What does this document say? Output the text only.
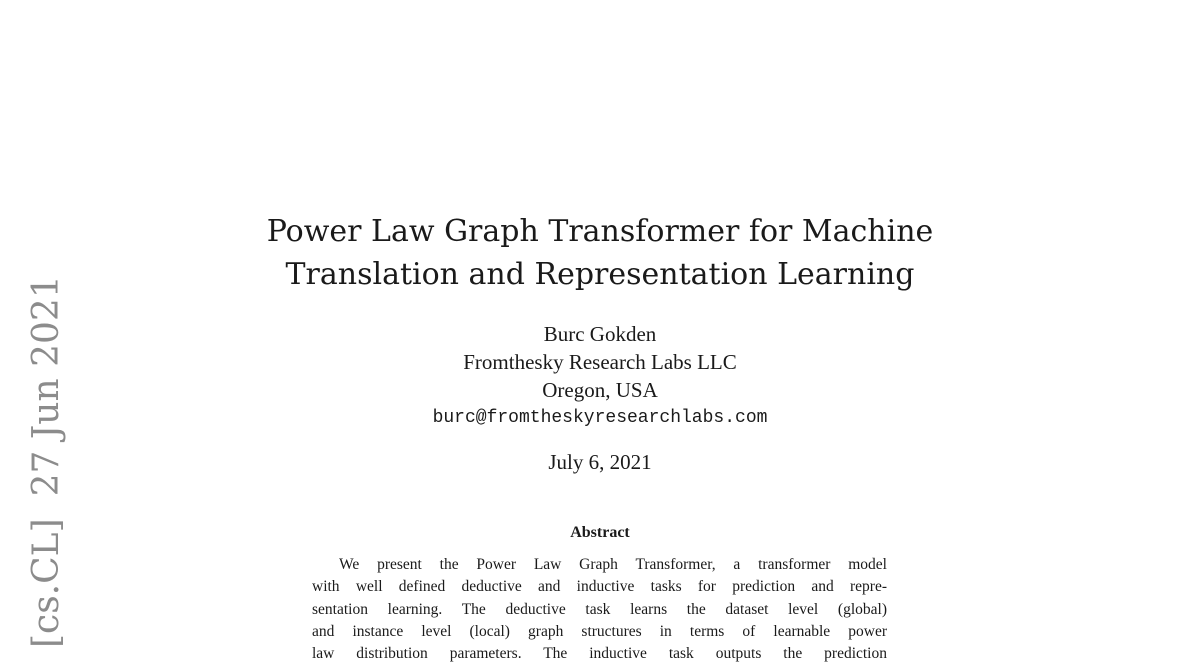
[cs.CL]27 Jun 2021
Power Law Graph Transformer for Machine
Translation and Representation Learning
Burc Gokden
Fromthesky Research Labs LLC
Oregon, USA
burc@fromtheskyresearchlabs.com
July 6, 2021
Abstract
We present the Power Law Graph Transformer, a transformer model
with well defined deductive and inductive tasks for prediction and repre-
sentation learning. The deductive task learns the dataset level (global)
and instance level (local) graph structures in terms of learnable power
law distribution parameters. The inductive task outputs the prediction
